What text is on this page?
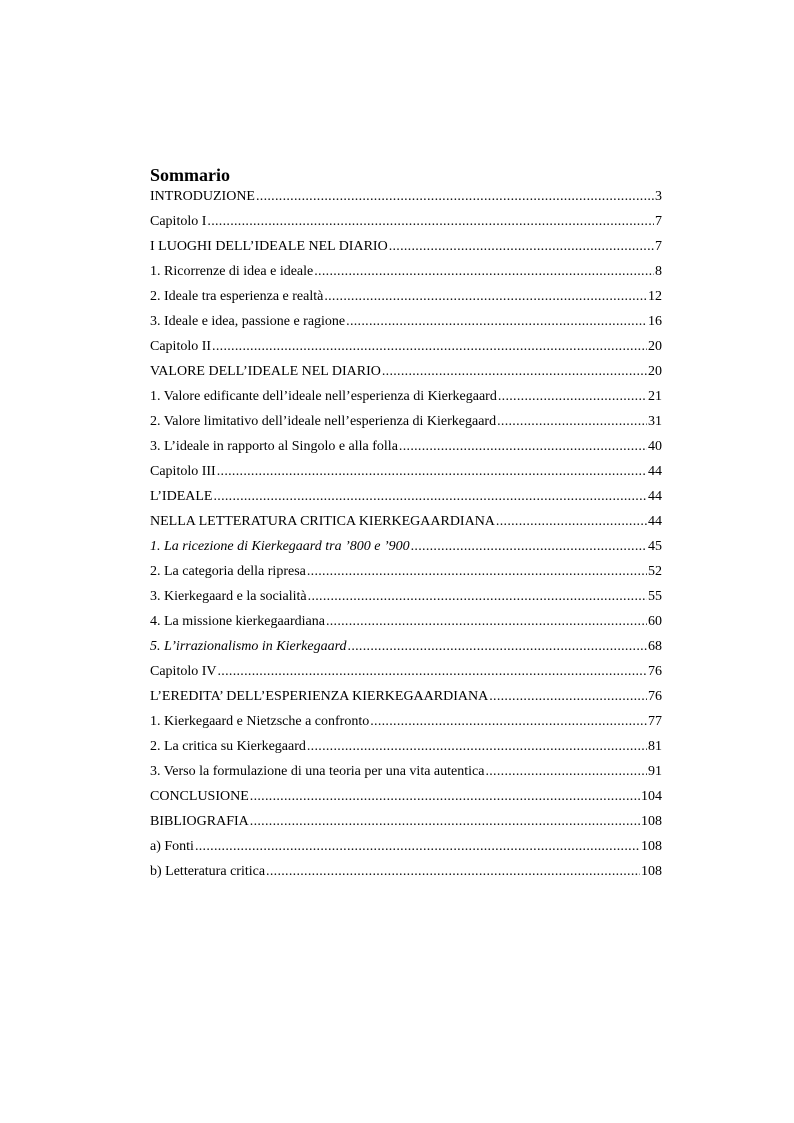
Sommario
INTRODUZIONE .....	3
Capitolo I .....	7
I LUOGHI DELL’IDEALE NEL DIARIO .....	7
1. Ricorrenze di idea e ideale .....	8
2. Ideale tra esperienza e realtà .....	12
3. Ideale e idea, passione e ragione .....	16
Capitolo II .....	20
VALORE DELL’IDEALE NEL DIARIO .....	20
1. Valore edificante dell’ideale nell’esperienza di Kierkegaard .....	21
2. Valore limitativo dell’ideale nell’esperienza di Kierkegaard .....	31
3. L’ideale in rapporto al Singolo e alla folla .....	40
Capitolo III .....	44
L’IDEALE .....	44
NELLA LETTERATURA CRITICA KIERKEGAARDIANA .....	44
1. La ricezione di Kierkegaard tra ’800 e ’900 .....	45
2. La categoria della ripresa .....	52
3. Kierkegaard e la socialità .....	55
4. La missione kierkegaardiana .....	60
5. L’irrazionalismo in Kierkegaard .....	68
Capitolo IV .....	76
L’EREDITA’ DELL’ESPERIENZA KIERKEGAARDIANA .....	76
1. Kierkegaard e Nietzsche a confronto .....	77
2. La critica su Kierkegaard .....	81
3. Verso la formulazione di una teoria per una vita autentica .....	91
CONCLUSIONE .....	104
BIBLIOGRAFIA .....	108
a) Fonti .....	108
b) Letteratura critica .....	108
